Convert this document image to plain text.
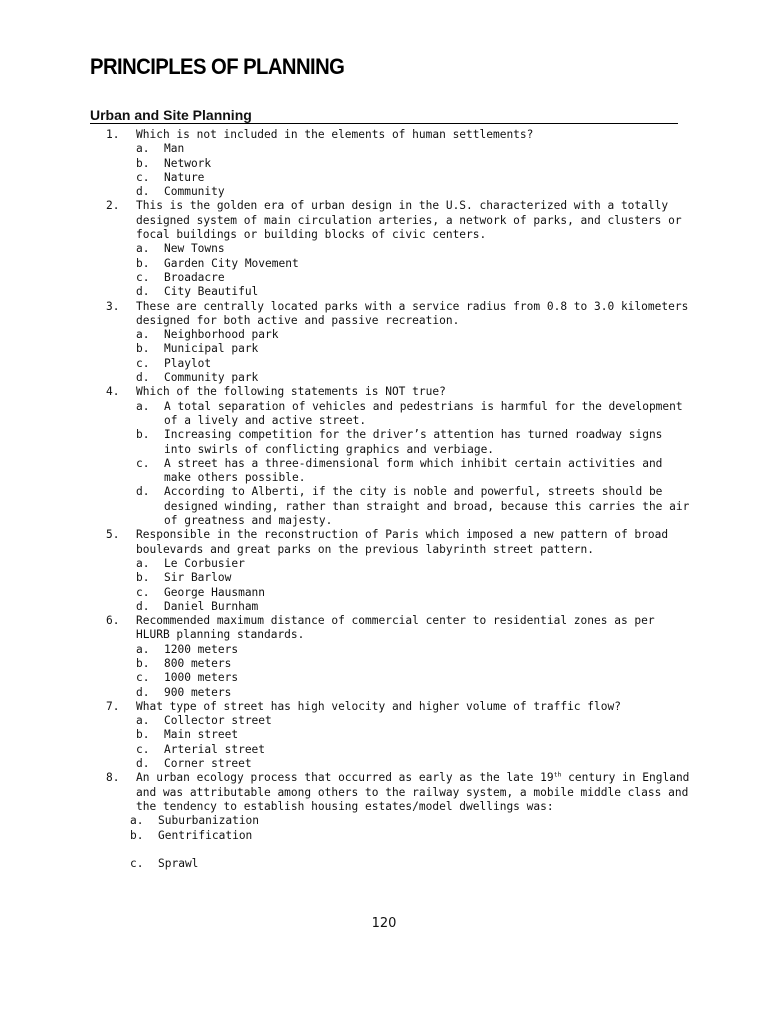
PRINCIPLES OF PLANNING
Urban and Site Planning
1. Which is not included in the elements of human settlements?
a. Man
b. Network
c. Nature
d. Community
2. This is the golden era of urban design in the U.S. characterized with a totally designed system of main circulation arteries, a network of parks, and clusters or focal buildings or building blocks of civic centers.
a. New Towns
b. Garden City Movement
c. Broadacre
d. City Beautiful
3. These are centrally located parks with a service radius from 0.8 to 3.0 kilometers designed for both active and passive recreation.
a. Neighborhood park
b. Municipal park
c. Playlot
d. Community park
4. Which of the following statements is NOT true?
a. A total separation of vehicles and pedestrians is harmful for the development of a lively and active street.
b. Increasing competition for the driver’s attention has turned roadway signs into swirls of conflicting graphics and verbiage.
c. A street has a three-dimensional form which inhibit certain activities and make others possible.
d. According to Alberti, if the city is noble and powerful, streets should be designed winding, rather than straight and broad, because this carries the air of greatness and majesty.
5. Responsible in the reconstruction of Paris which imposed a new pattern of broad boulevards and great parks on the previous labyrinth street pattern.
a. Le Corbusier
b. Sir Barlow
c. George Hausmann
d. Daniel Burnham
6. Recommended maximum distance of commercial center to residential zones as per HLURB planning standards.
a. 1200 meters
b. 800 meters
c. 1000 meters
d. 900 meters
7. What type of street has high velocity and higher volume of traffic flow?
a. Collector street
b. Main street
c. Arterial street
d. Corner street
8. An urban ecology process that occurred as early as the late 19th century in England and was attributable among others to the railway system, a mobile middle class and the tendency to establish housing estates/model dwellings was:
a. Suburbanization
b. Gentrification
c. Sprawl
120
